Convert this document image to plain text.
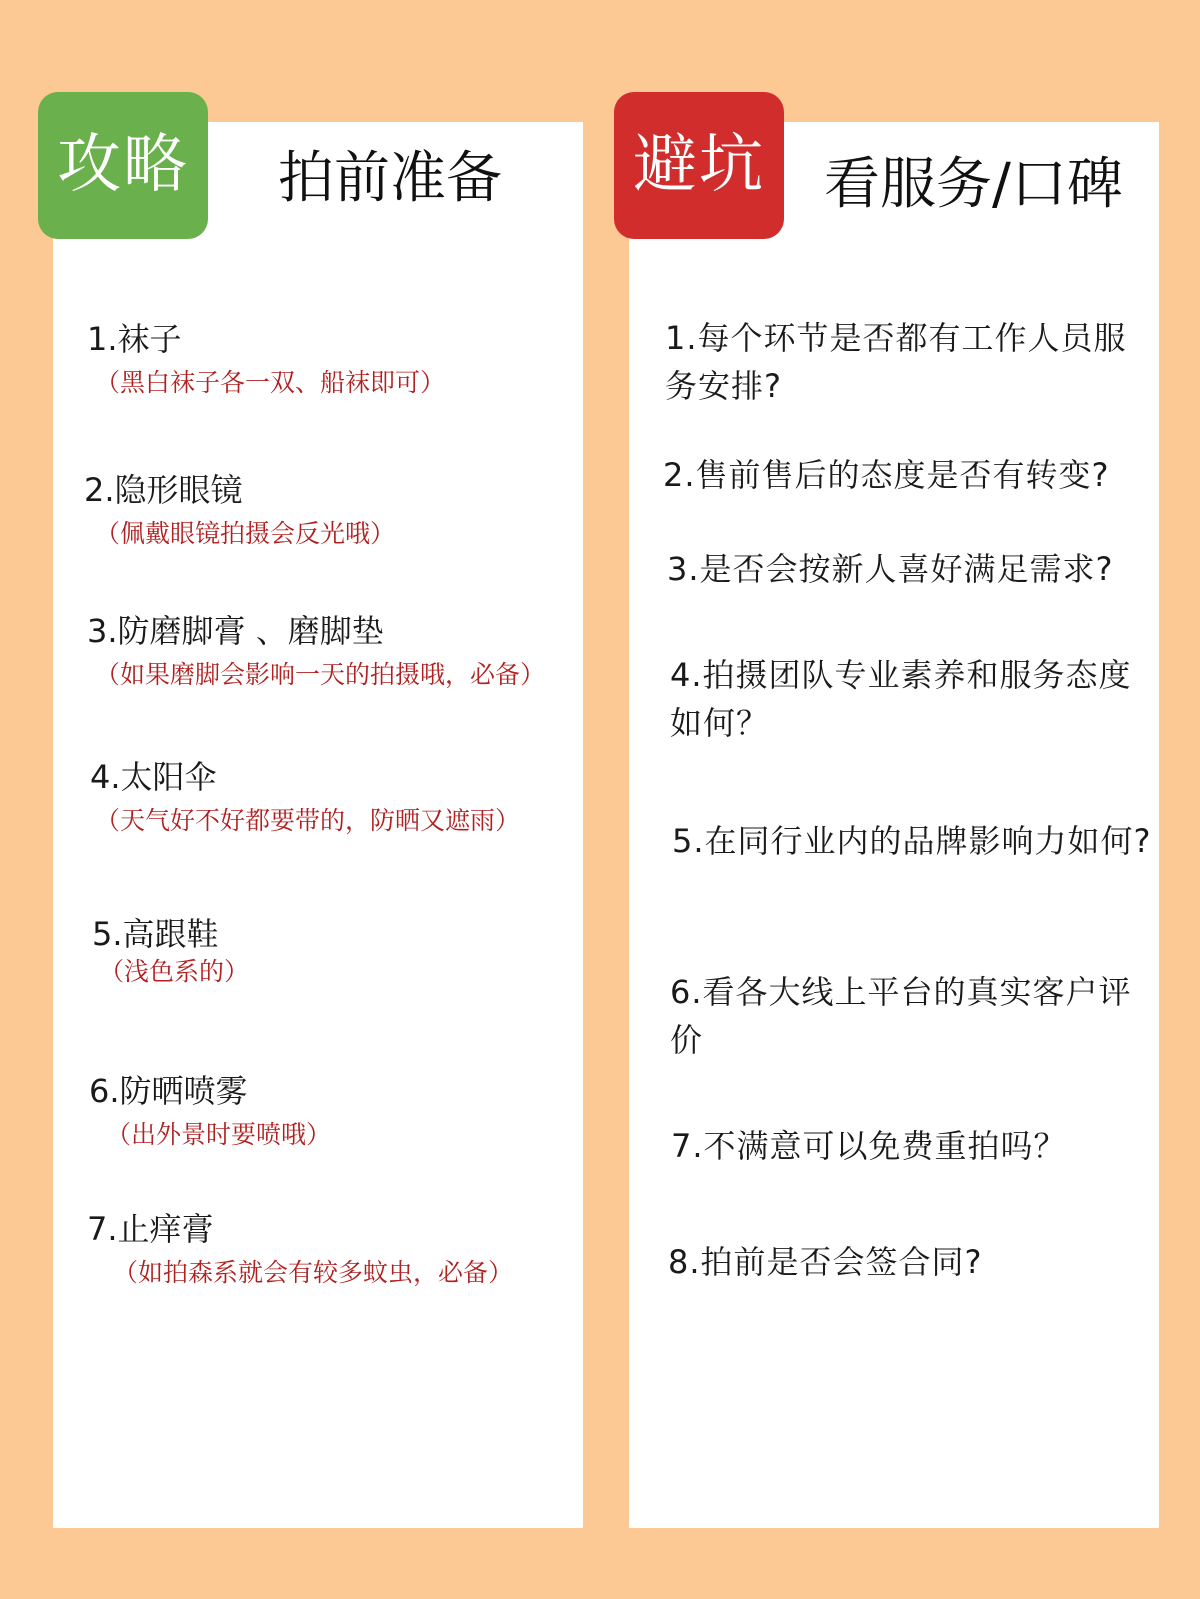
攻略	拍前准备 避坑	看服务/口碑
1.袜子
（黑白袜子各一双、船袜即可）
2.隐形眼镜
（佩戴眼镜拍摄会反光哦）
3.防磨脚膏 、磨脚垫
（如果磨脚会影响一天的拍摄哦，必备）
4.太阳伞
（天气好不好都要带的，防晒又遮雨）
5.高跟鞋
（浅色系的）
6.防晒喷雾
（出外景时要喷哦）
7.止痒膏
（如拍森系就会有较多蚊虫，必备）
1.每个环节是否都有工作人员服务安排?
2.售前售后的态度是否有转变?
3.是否会按新人喜好满足需求?
4.拍摄团队专业素养和服务态度如何？
5.在同行业内的品牌影响力如何?
6.看各大线上平台的真实客户评价
7.不满意可以免费重拍吗？
8.拍前是否会签合同?
